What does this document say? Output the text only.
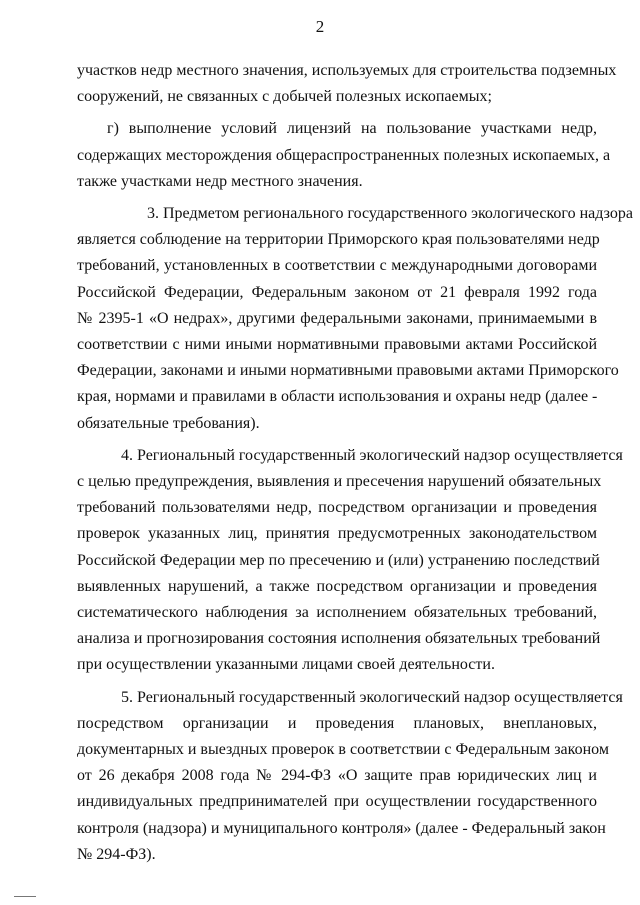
2

участков недр местного значения, используемых для строительства подземных
сооружений, не связанных с добычей полезных ископаемых;

г) выполнение условий лицензий на пользование участками недр,
содержащих месторождения общераспространенных полезных ископаемых, а
также участками недр местного значения.

3. Предметом регионального государственного экологического надзора
является соблюдение на территории Приморского края пользователями недр
требований, установленных в соответствии с международными договорами
Российской Федерации, Федеральным законом от 21 февраля 1992 года
№ 2395-1 «О недрах», другими федеральными законами, принимаемыми в
соответствии с ними иными нормативными правовыми актами Российской
Федерации, законами и иными нормативными правовыми актами Приморского
края, нормами и правилами в области использования и охраны недр (далее -
обязательные требования).

4. Региональный государственный экологический надзор осуществляется
с целью предупреждения, выявления и пресечения нарушений обязательных
требований пользователями недр, посредством организации и проведения
проверок указанных лиц, принятия предусмотренных законодательством
Российской Федерации мер по пресечению и (или) устранению последствий
выявленных нарушений, а также посредством организации и проведения
систематического наблюдения за исполнением обязательных требований,
анализа и прогнозирования состояния исполнения обязательных требований
при осуществлении указанными лицами своей деятельности.

5. Региональный государственный экологический надзор осуществляется
посредством организации и проведения плановых, внеплановых,
документарных и выездных проверок в соответствии с Федеральным законом
от 26 декабря 2008 года № 294-ФЗ «О защите прав юридических лиц и
индивидуальных предпринимателей при осуществлении государственного
контроля (надзора) и муниципального контроля» (далее - Федеральный закон
№ 294-ФЗ).
